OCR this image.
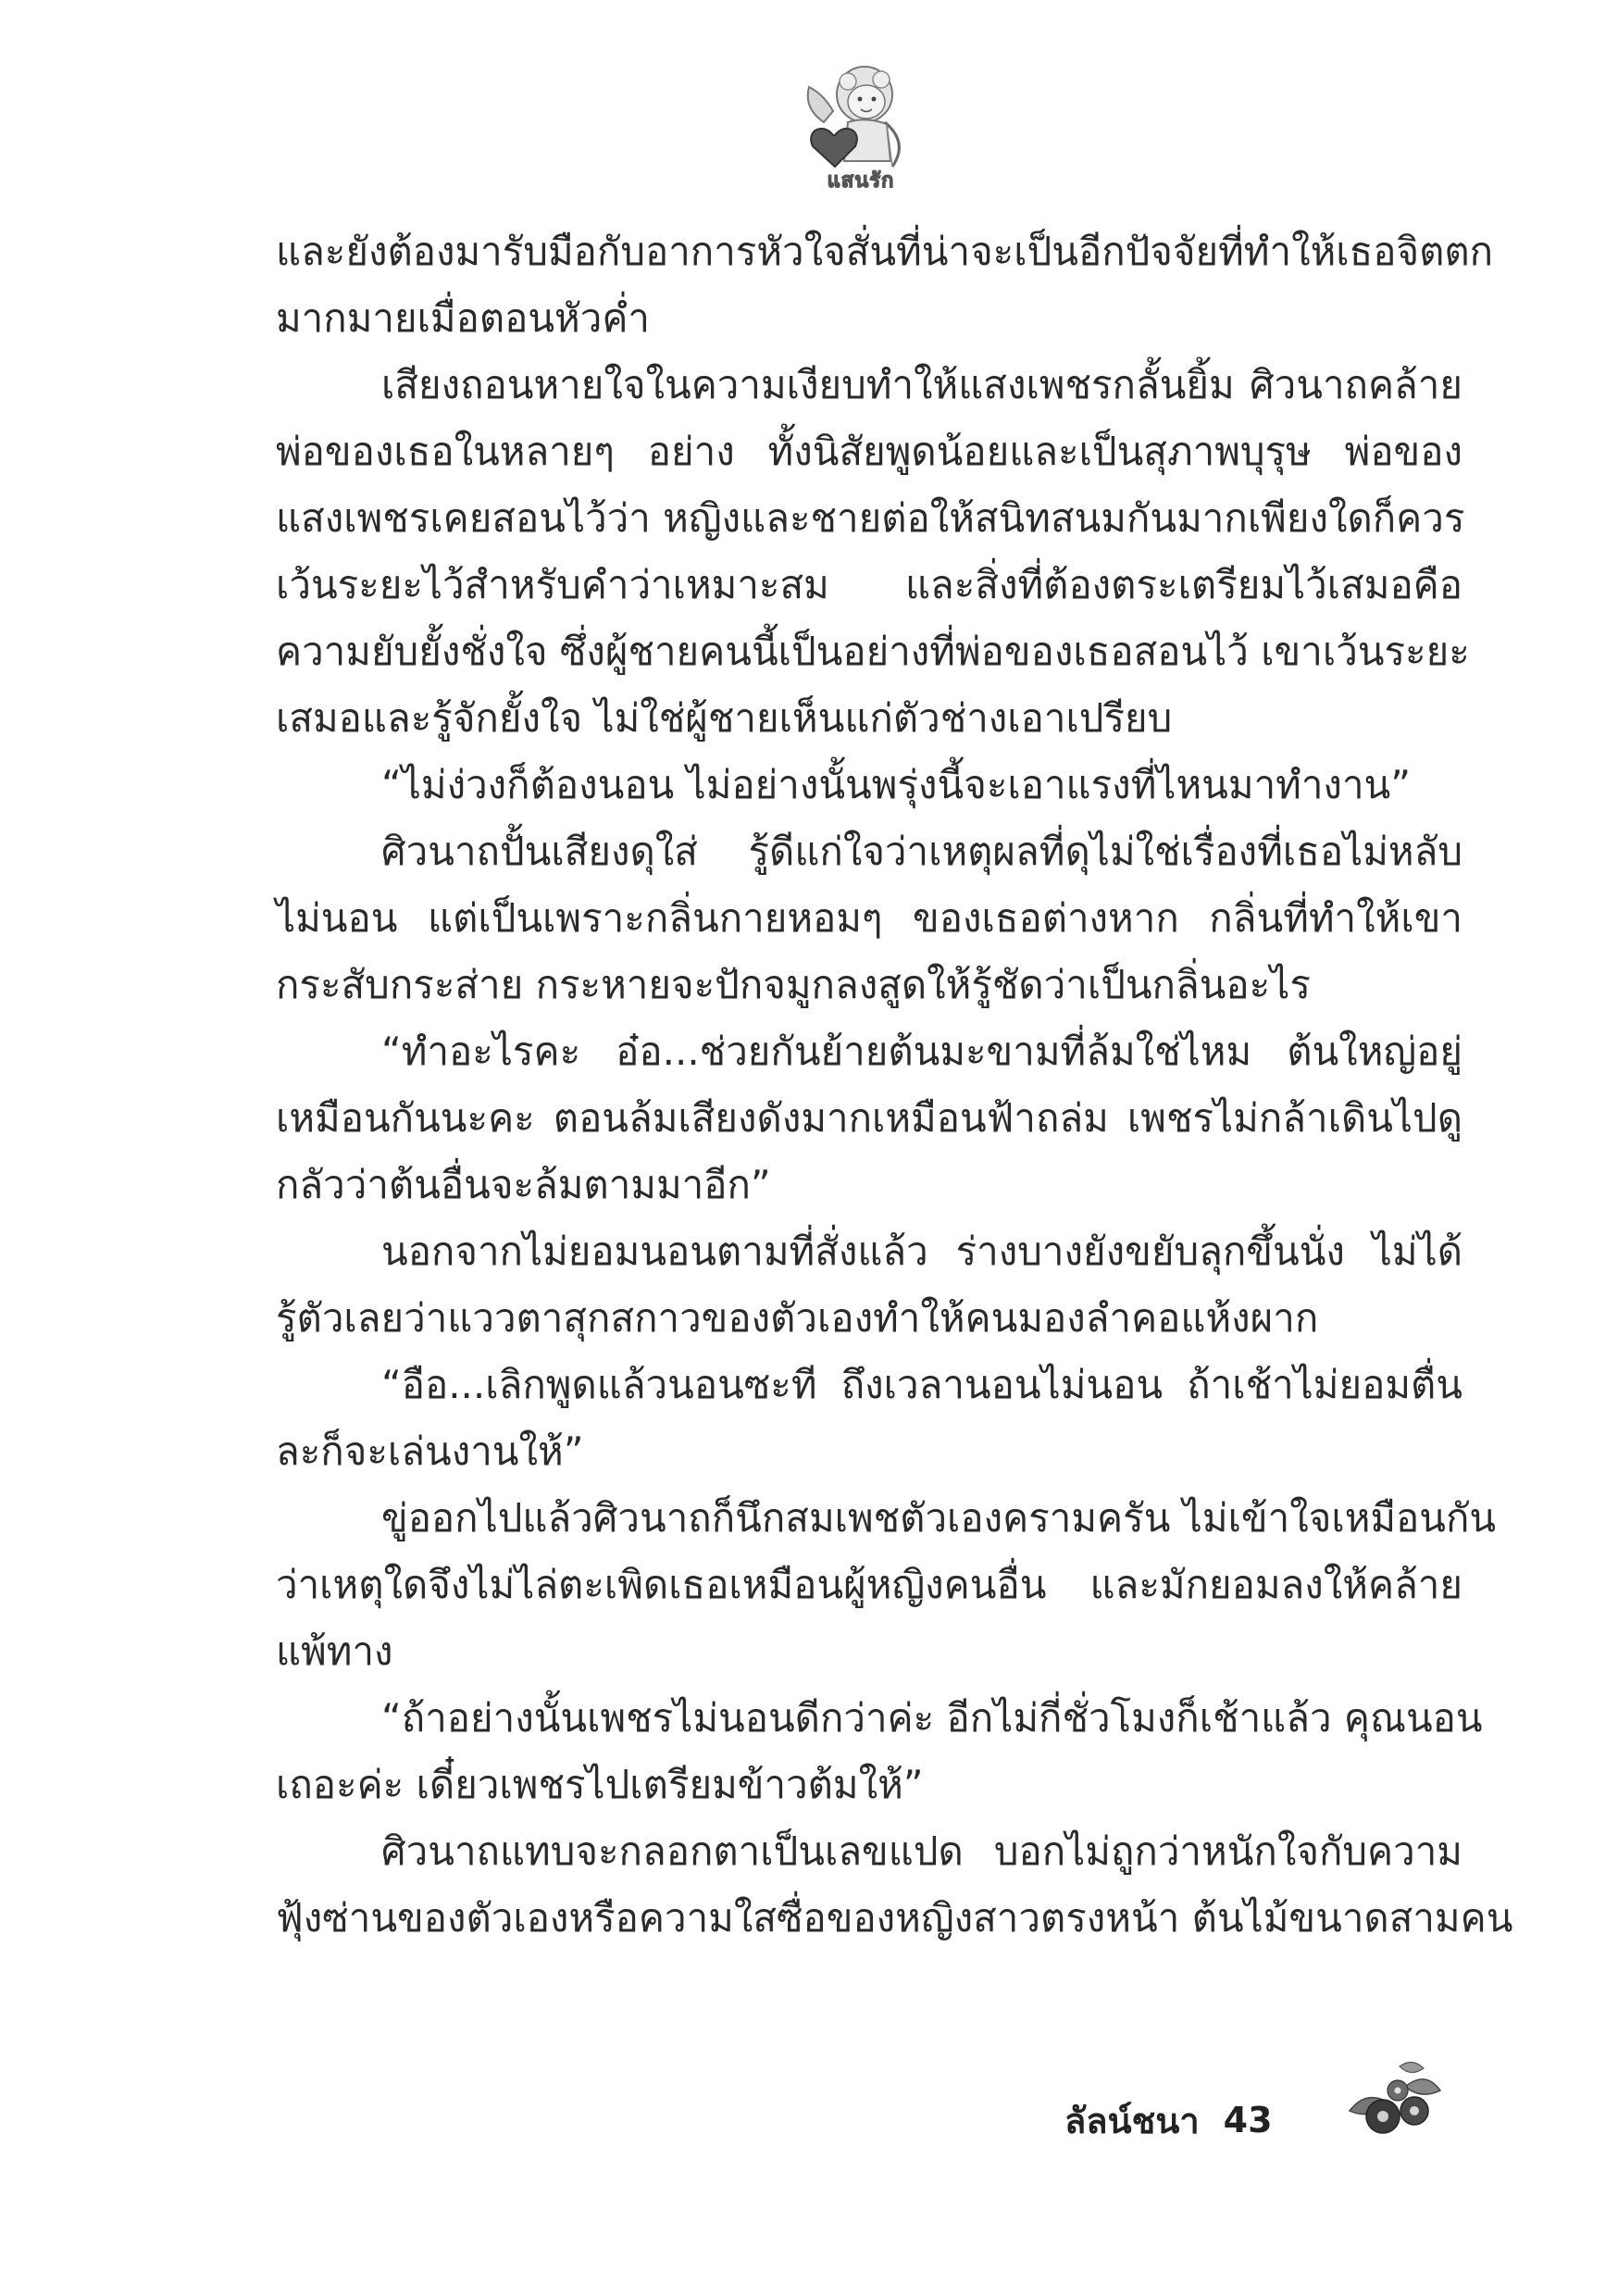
แสนรัก
และยังต้องมารับมือกับอาการหัวใจสั่นที่น่าจะเป็นอีกปัจจัยที่ทำให้เธอจิตตก
มากมายเมื่อตอนหัวค่ำ
เสียงถอนหายใจในความเงียบทำให้แสงเพชรกลั้นยิ้ม ศิวนาถคล้าย
พ่อของเธอในหลายๆ อย่าง ทั้งนิสัยพูดน้อยและเป็นสุภาพบุรุษ พ่อของ
แสงเพชรเคยสอนไว้ว่า หญิงและชายต่อให้สนิทสนมกันมากเพียงใดก็ควร
เว้นระยะไว้สำหรับคำว่าเหมาะสม และสิ่งที่ต้องตระเตรียมไว้เสมอคือ
ความยับยั้งชั่งใจ ซึ่งผู้ชายคนนี้เป็นอย่างที่พ่อของเธอสอนไว้ เขาเว้นระยะ
เสมอและรู้จักยั้งใจ ไม่ใช่ผู้ชายเห็นแก่ตัวช่างเอาเปรียบ
“ไม่ง่วงก็ต้องนอน ไม่อย่างนั้นพรุ่งนี้จะเอาแรงที่ไหนมาทำงาน”
ศิวนาถปั้นเสียงดุใส่ รู้ดีแก่ใจว่าเหตุผลที่ดุไม่ใช่เรื่องที่เธอไม่หลับ
ไม่นอน แต่เป็นเพราะกลิ่นกายหอมๆ ของเธอต่างหาก กลิ่นที่ทำให้เขา
กระสับกระส่าย กระหายจะปักจมูกลงสูดให้รู้ชัดว่าเป็นกลิ่นอะไร
“ทำอะไรคะ อ๋อ...ช่วยกันย้ายต้นมะขามที่ล้มใช่ไหม ต้นใหญ่อยู่
เหมือนกันนะคะ ตอนล้มเสียงดังมากเหมือนฟ้าถล่ม เพชรไม่กล้าเดินไปดู
กลัวว่าต้นอื่นจะล้มตามมาอีก”
นอกจากไม่ยอมนอนตามที่สั่งแล้ว ร่างบางยังขยับลุกขึ้นนั่ง ไม่ได้
รู้ตัวเลยว่าแววตาสุกสกาวของตัวเองทำให้คนมองลำคอแห้งผาก
“อือ...เลิกพูดแล้วนอนซะที ถึงเวลานอนไม่นอน ถ้าเช้าไม่ยอมตื่น
ละก็จะเล่นงานให้”
ขู่ออกไปแล้วศิวนาถก็นึกสมเพชตัวเองครามครัน ไม่เข้าใจเหมือนกัน
ว่าเหตุใดจึงไม่ไล่ตะเพิดเธอเหมือนผู้หญิงคนอื่น และมักยอมลงให้คล้าย
แพ้ทาง
“ถ้าอย่างนั้นเพชรไม่นอนดีกว่าค่ะ อีกไม่กี่ชั่วโมงก็เช้าแล้ว คุณนอน
เถอะค่ะ เดี๋ยวเพชรไปเตรียมข้าวต้มให้”
ศิวนาถแทบจะกลอกตาเป็นเลขแปด บอกไม่ถูกว่าหนักใจกับความ
ฟุ้งซ่านของตัวเองหรือความใสซื่อของหญิงสาวตรงหน้า ต้นไม้ขนาดสามคน
ลัลน์ชนา 43
